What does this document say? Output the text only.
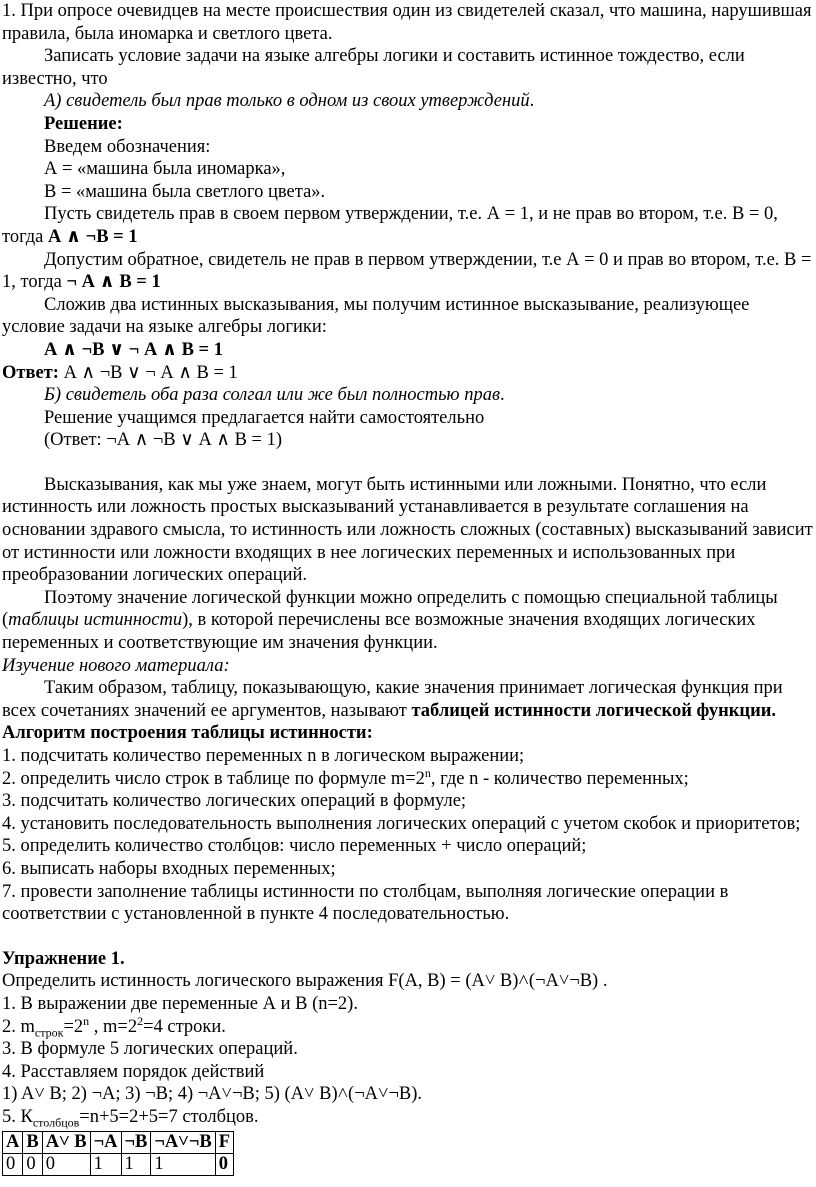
1. При опросе очевидцев на месте происшествия один из свидетелей сказал, что машина, нарушившая правила, была иномарка и светлого цвета.

Записать условие задачи на языке алгебры логики и составить истинное тождество, если известно, что

А) свидетель был прав только в одном из своих утверждений.

Решение:

Введем обозначения:

А = «машина была иномарка»,

В = «машина была светлого цвета».

Пусть свидетель прав в своем первом утверждении, т.е. А = 1, и не прав во втором, т.е. В = 0, тогда А ∧ ¬В = 1

Допустим обратное, свидетель не прав в первом утверждении, т.е А = 0 и прав во втором, т.е. В = 1, тогда ¬ А ∧ В = 1

Сложив два истинных высказывания, мы получим истинное высказывание, реализующее условие задачи на языке алгебры логики:

А ∧ ¬В ∨ ¬ А ∧ В = 1

Ответ: А ∧ ¬В ∨ ¬ А ∧ В = 1

Б) свидетель оба раза солгал или же был полностью прав.

Решение учащимся предлагается найти самостоятельно

(Ответ: ¬А ∧ ¬В ∨ А ∧ В = 1)

Высказывания, как мы уже знаем, могут быть истинными или ложными. Понятно, что если истинность или ложность простых высказываний устанавливается в результате соглашения на основании здравого смысла, то истинность или ложность сложных (составных) высказываний зависит от истинности или ложности входящих в нее логических переменных и использованных при преобразовании логических операций.

Поэтому значение логической функции можно определить с помощью специальной таблицы (таблицы истинности), в которой перечислены все возможные значения входящих логических переменных и соответствующие им значения функции.

Изучение нового материала:

Таким образом, таблицу, показывающую, какие значения принимает логическая функция при всех сочетаниях значений ее аргументов, называют таблицей истинности логической функции.

Алгоритм построения таблицы истинности:

1. подсчитать количество переменных n в логическом выражении;

2. определить число строк в таблице по формуле $m=2^n$, где n - количество переменных;

3. подсчитать количество логических операций в формуле;

4. установить последовательность выполнения логических операций с учетом скобок и приоритетов;

5. определить количество столбцов: число переменных + число операций;

6. выписать наборы входных переменных;

7. провести заполнение таблицы истинности по столбцам, выполняя логические операции в соответствии с установленной в пункте 4 последовательностью.

Упражнение 1.

Определить истинность логического выражения F(A, B) = (A˅ B)˄(¬A˅¬B) .

1. В выражении две переменные А и В (n=2).

2. $m_{строк}=2^n$ , $m=2^2=4$ строки.

3. В формуле 5 логических операций.

4. Расставляем порядок действий

1) A˅ B; 2) ¬A; 3) ¬B; 4) ¬A˅¬B; 5) (A˅ B)˄(¬A˅¬B).

5. $К_{столбцов}=n+5=2+5=7$ столбцов.

A	B	A˅ B	¬A	¬B	¬A˅¬B	F
0	0	0	1	1	1	0
